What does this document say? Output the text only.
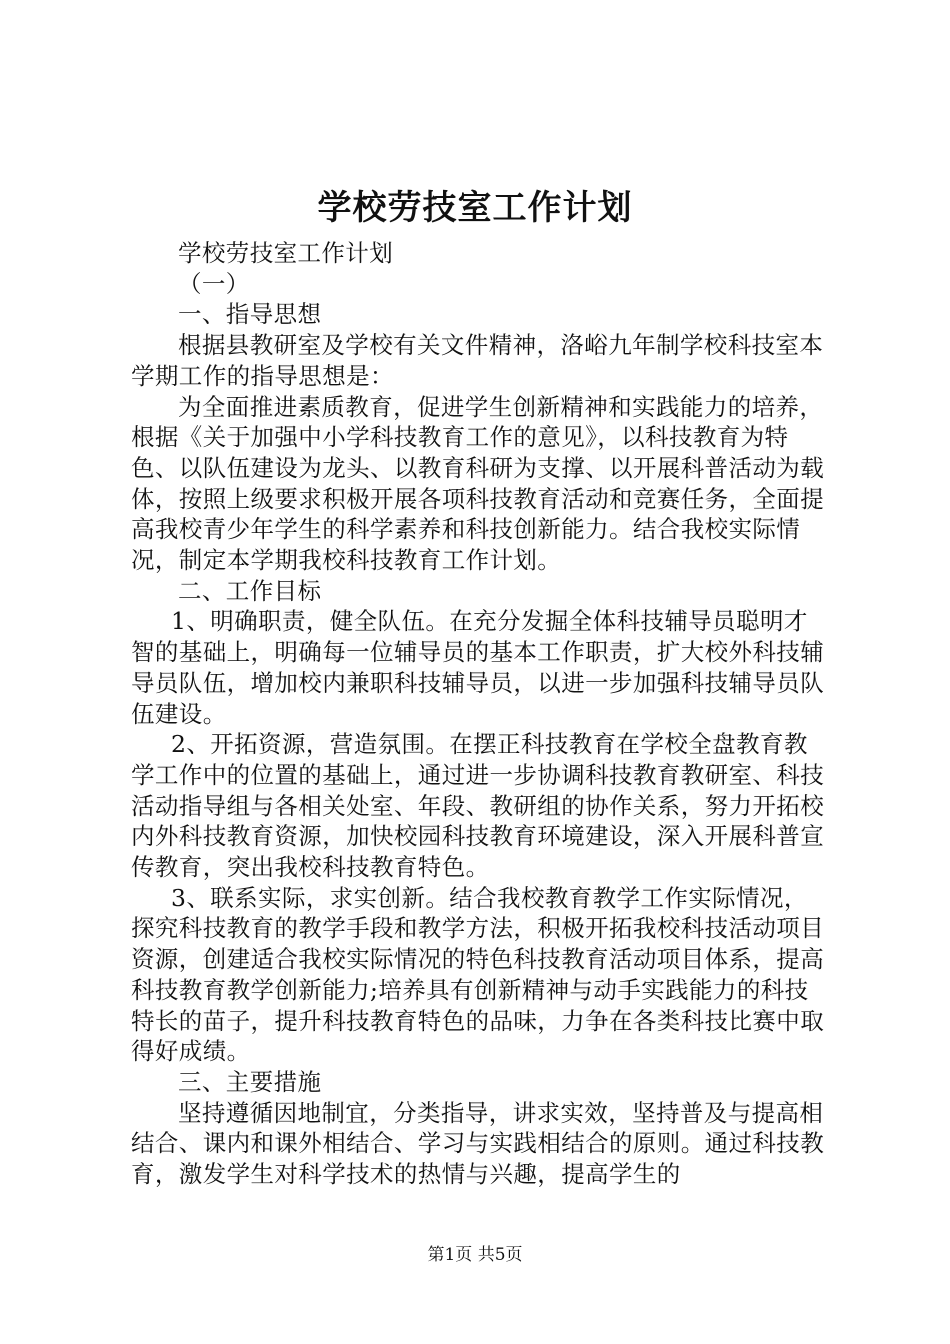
学校劳技室工作计划

学校劳技室工作计划

（一）

一、指导思想

根据县教研室及学校有关文件精神，洛峪九年制学校科技室本学期工作的指导思想是：

为全面推进素质教育，促进学生创新精神和实践能力的培养，根据《关于加强中小学科技教育工作的意见》，以科技教育为特色、以队伍建设为龙头、以教育科研为支撑、以开展科普活动为载体，按照上级要求积极开展各项科技教育活动和竞赛任务，全面提高我校青少年学生的科学素养和科技创新能力。结合我校实际情况，制定本学期我校科技教育工作计划。

二、工作目标

1、明确职责，健全队伍。在充分发掘全体科技辅导员聪明才智的基础上，明确每一位辅导员的基本工作职责，扩大校外科技辅导员队伍，增加校内兼职科技辅导员，以进一步加强科技辅导员队伍建设。

2、开拓资源，营造氛围。在摆正科技教育在学校全盘教育教学工作中的位置的基础上，通过进一步协调科技教育教研室、科技活动指导组与各相关处室、年段、教研组的协作关系，努力开拓校内外科技教育资源，加快校园科技教育环境建设，深入开展科普宣传教育，突出我校科技教育特色。

3、联系实际，求实创新。结合我校教育教学工作实际情况，探究科技教育的教学手段和教学方法，积极开拓我校科技活动项目资源，创建适合我校实际情况的特色科技教育活动项目体系，提高科技教育教学创新能力;培养具有创新精神与动手实践能力的科技特长的苗子，提升科技教育特色的品味，力争在各类科技比赛中取得好成绩。

三、主要措施

坚持遵循因地制宜，分类指导，讲求实效，坚持普及与提高相结合、课内和课外相结合、学习与实践相结合的原则。通过科技教育，激发学生对科学技术的热情与兴趣，提高学生的

第1页 共5页
